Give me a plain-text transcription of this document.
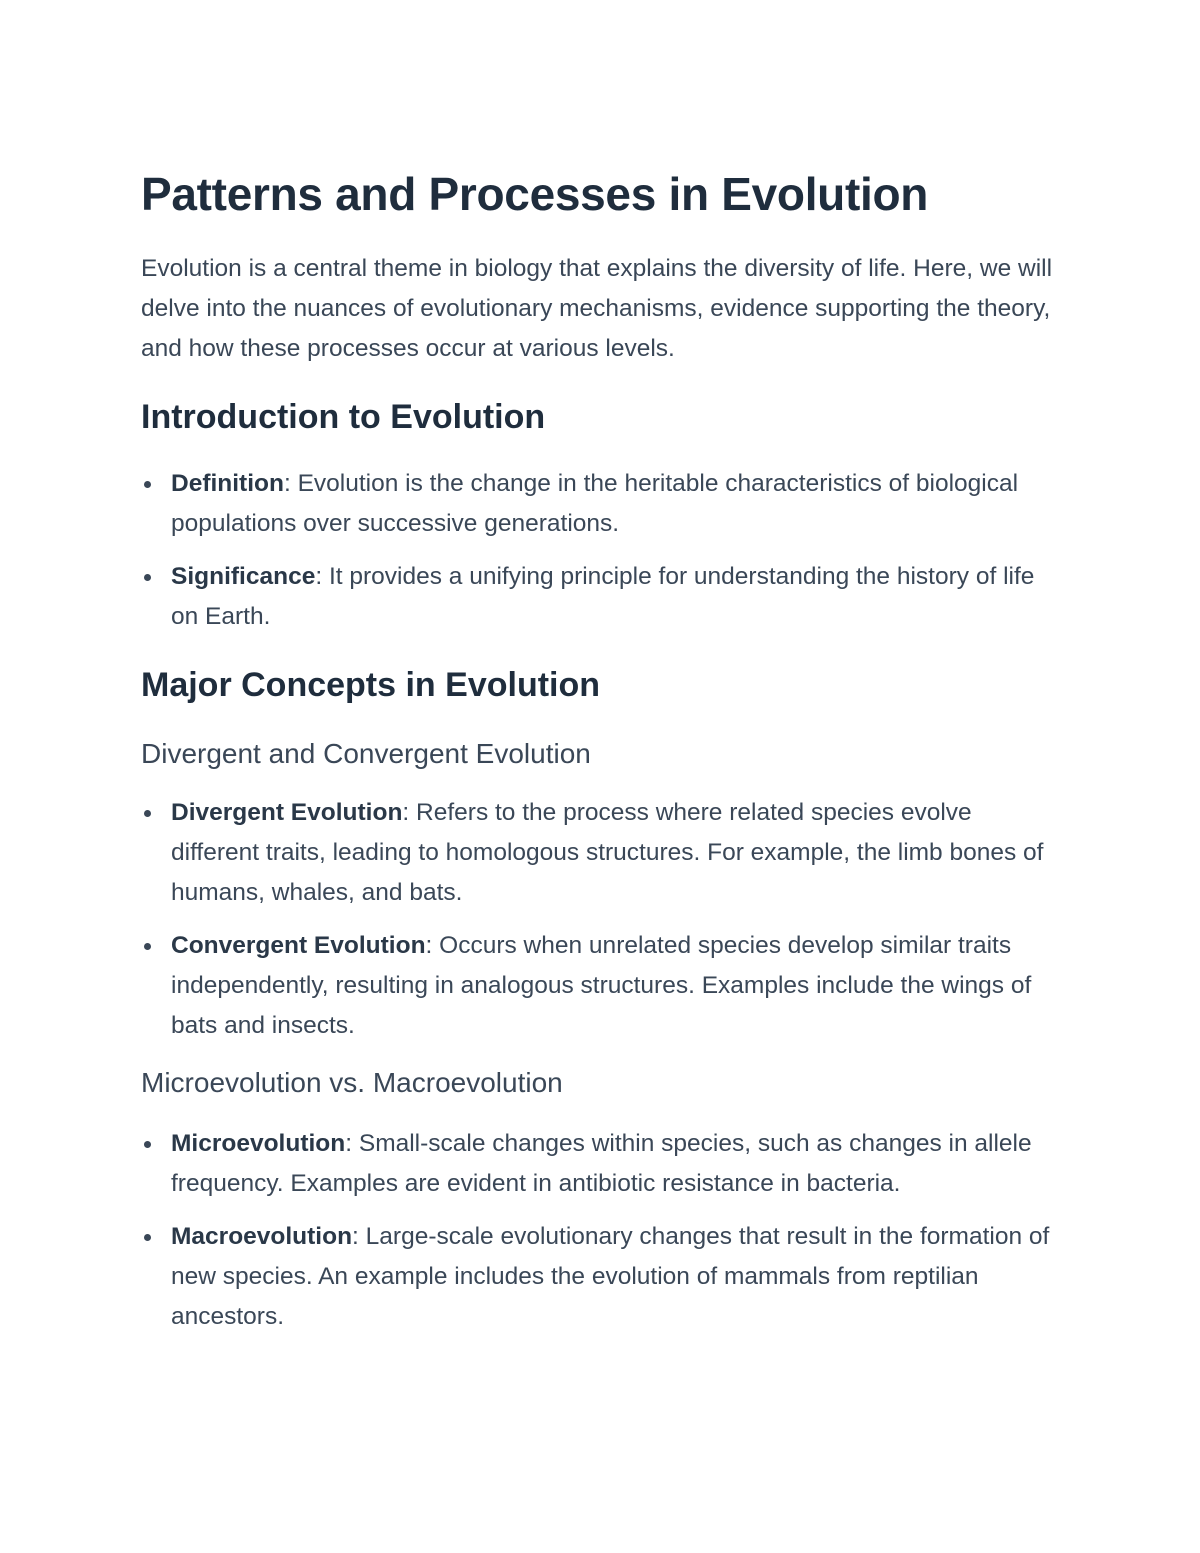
Patterns and Processes in Evolution

Evolution is a central theme in biology that explains the diversity of life. Here, we will delve into the nuances of evolutionary mechanisms, evidence supporting the theory, and how these processes occur at various levels.

Introduction to Evolution
Definition: Evolution is the change in the heritable characteristics of biological populations over successive generations.
Significance: It provides a unifying principle for understanding the history of life on Earth.
Major Concepts in Evolution
Divergent and Convergent Evolution
Divergent Evolution: Refers to the process where related species evolve different traits, leading to homologous structures. For example, the limb bones of humans, whales, and bats.
Convergent Evolution: Occurs when unrelated species develop similar traits independently, resulting in analogous structures. Examples include the wings of bats and insects.
Microevolution vs. Macroevolution
Microevolution: Small-scale changes within species, such as changes in allele frequency. Examples are evident in antibiotic resistance in bacteria.
Macroevolution: Large-scale evolutionary changes that result in the formation of new species. An example includes the evolution of mammals from reptilian ancestors.
